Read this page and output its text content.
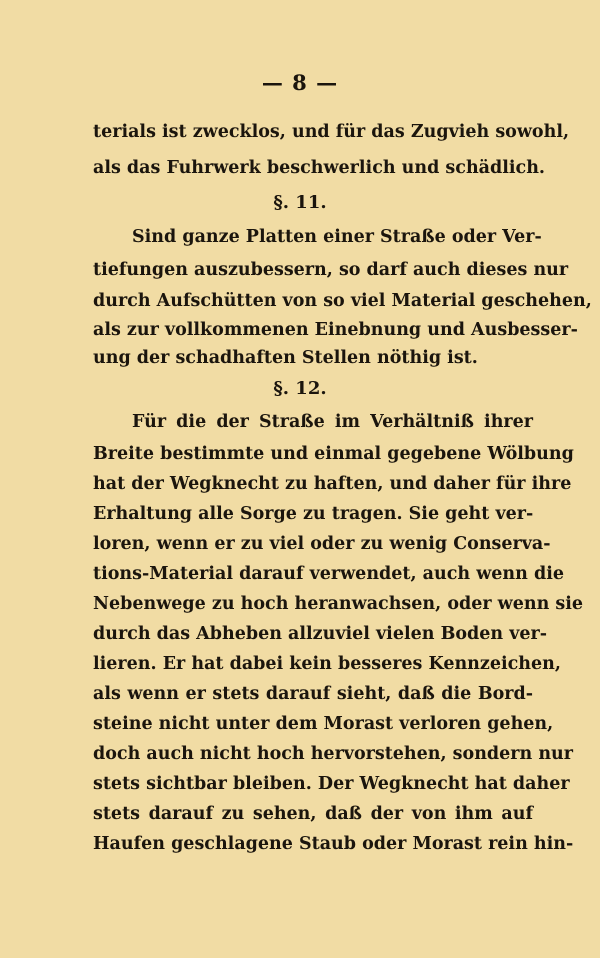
— 8 —
terials ist zwecklos, und für das Zugvieh sowohl,
als das Fuhrwerk beschwerlich und schädlich.
§. 11.
Sind ganze Platten einer Straße oder Ver-
tiefungen auszubessern, so darf auch dieses nur
durch Aufschütten von so viel Material geschehen,
als zur vollkommenen Einebnung und Ausbesser-
ung der schadhaften Stellen nöthig ist.
§. 12.
Für die der Straße im Verhältniß ihrer
Breite bestimmte und einmal gegebene Wölbung
hat der Wegknecht zu haften, und daher für ihre
Erhaltung alle Sorge zu tragen. Sie geht ver-
loren, wenn er zu viel oder zu wenig Conserva-
tions-Material darauf verwendet, auch wenn die
Nebenwege zu hoch heranwachsen, oder wenn sie
durch das Abheben allzuviel vielen Boden ver-
lieren. Er hat dabei kein besseres Kennzeichen,
als wenn er stets darauf sieht, daß die Bord-
steine nicht unter dem Morast verloren gehen,
doch auch nicht hoch hervorstehen, sondern nur
stets sichtbar bleiben. Der Wegknecht hat daher
stets darauf zu sehen, daß der von ihm auf
Haufen geschlagene Staub oder Morast rein hin-
